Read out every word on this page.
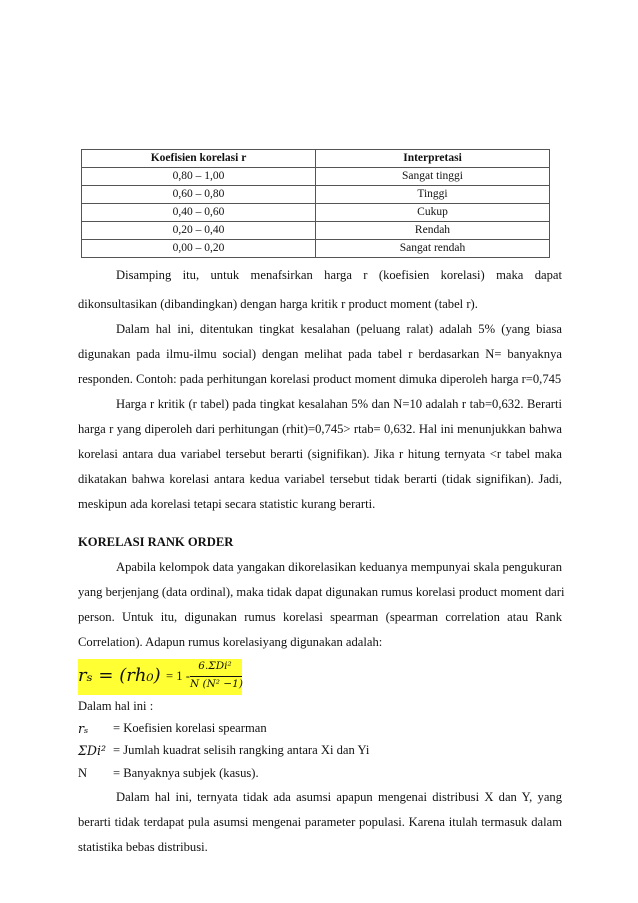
Koefisien korelasi r	Interpretasi
0,80 – 1,00	Sangat tinggi
0,60 – 0,80	Tinggi
0,40 – 0,60	Cukup
0,20 – 0,40	Rendah
0,00 – 0,20	Sangat rendah
Disamping itu, untuk menafsirkan harga r (koefisien korelasi) maka dapat
dikonsultasikan (dibandingkan) dengan harga kritik r product moment (tabel r).
Dalam hal ini, ditentukan tingkat kesalahan (peluang ralat) adalah 5% (yang biasa
digunakan pada ilmu-ilmu social) dengan melihat pada tabel r berdasarkan N= banyaknya
responden. Contoh: pada perhitungan korelasi product moment dimuka diperoleh harga r=0,745
Harga r kritik (r tabel) pada tingkat kesalahan 5% dan N=10 adalah r tab=0,632. Berarti
harga r yang diperoleh dari perhitungan (rhit)=0,745> rtab= 0,632. Hal ini menunjukkan bahwa
korelasi antara dua variabel tersebut berarti (signifikan). Jika r hitung ternyata <r tabel maka
dikatakan bahwa korelasi antara kedua variabel tersebut tidak berarti (tidak signifikan). Jadi,
meskipun ada korelasi tetapi secara statistic kurang berarti.
KORELASI RANK ORDER
Apabila kelompok data yangakan dikorelasikan keduanya mempunyai skala pengukuran
yang berjenjang (data ordinal), maka tidak dapat digunakan rumus korelasi product moment dari
person. Untuk itu, digunakan rumus korelasi spearman (spearman correlation atau Rank
Correlation). Adapun rumus korelasiyang digunakan adalah:
rₛ = (rh₀) = 1 -
6.ΣDi²
N (N² −1)
Dalam hal ini :
rₛ = Koefisien korelasi spearman
ΣDi² = Jumlah kuadrat selisih rangking antara Xi dan Yi
N = Banyaknya subjek (kasus).
Dalam hal ini, ternyata tidak ada asumsi apapun mengenai distribusi X dan Y, yang
berarti tidak terdapat pula asumsi mengenai parameter populasi. Karena itulah termasuk dalam
statistika bebas distribusi.
